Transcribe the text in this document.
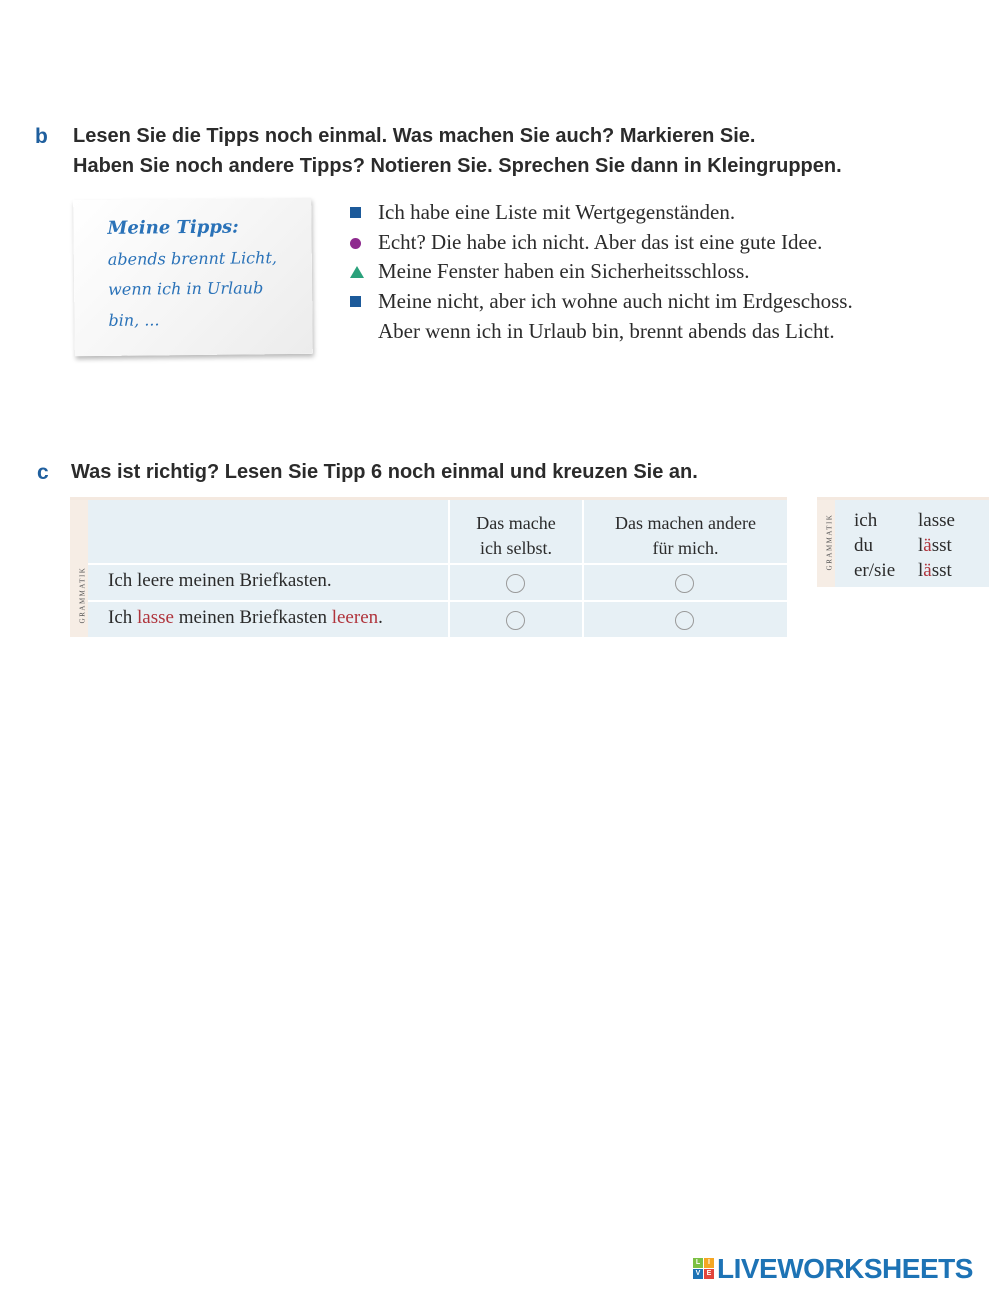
b Lesen Sie die Tipps noch einmal. Was machen Sie auch? Markieren Sie.
Haben Sie noch andere Tipps? Notieren Sie. Sprechen Sie dann in Kleingruppen.
Meine Tipps:
abends brennt Licht,
wenn ich in Urlaub
bin, ...
Ich habe eine Liste mit Wertgegenständen.
Echt? Die habe ich nicht. Aber das ist eine gute Idee.
Meine Fenster haben ein Sicherheitsschloss.
Meine nicht, aber ich wohne auch nicht im Erdgeschoss.
Aber wenn ich in Urlaub bin, brennt abends das Licht.
c Was ist richtig? Lesen Sie Tipp 6 noch einmal und kreuzen Sie an.
GRAMMATIK
Das mache
ich selbst.
Das machen andere
für mich.
Ich leere meinen Briefkasten.
Ich lasse meinen Briefkasten leeren.
GRAMMATIK ich lasse
du lässt
er/sie lässt
L	I
V E LIVEWORKSHEETS
